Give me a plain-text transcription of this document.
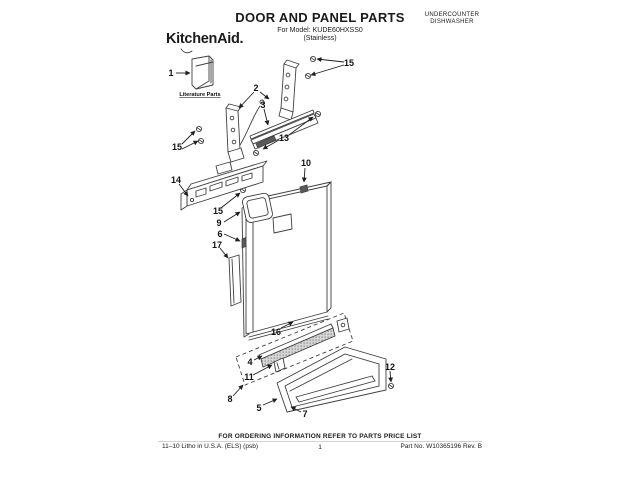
KitchenAid.
DOOR AND PANEL PARTS
For Model: KUDE60HXSS0
(Stainless)
UNDERCOUNTER
DISHWASHER
Literature Parts
1
15
2
3
13
15
14
10
15
9
6
17
16
4
11
8
5
7
12
FOR ORDERING INFORMATION REFER TO PARTS PRICE LIST
11–10 Litho in U.S.A. (ELS) (psb)	1	Part No. W10365196 Rev. B
